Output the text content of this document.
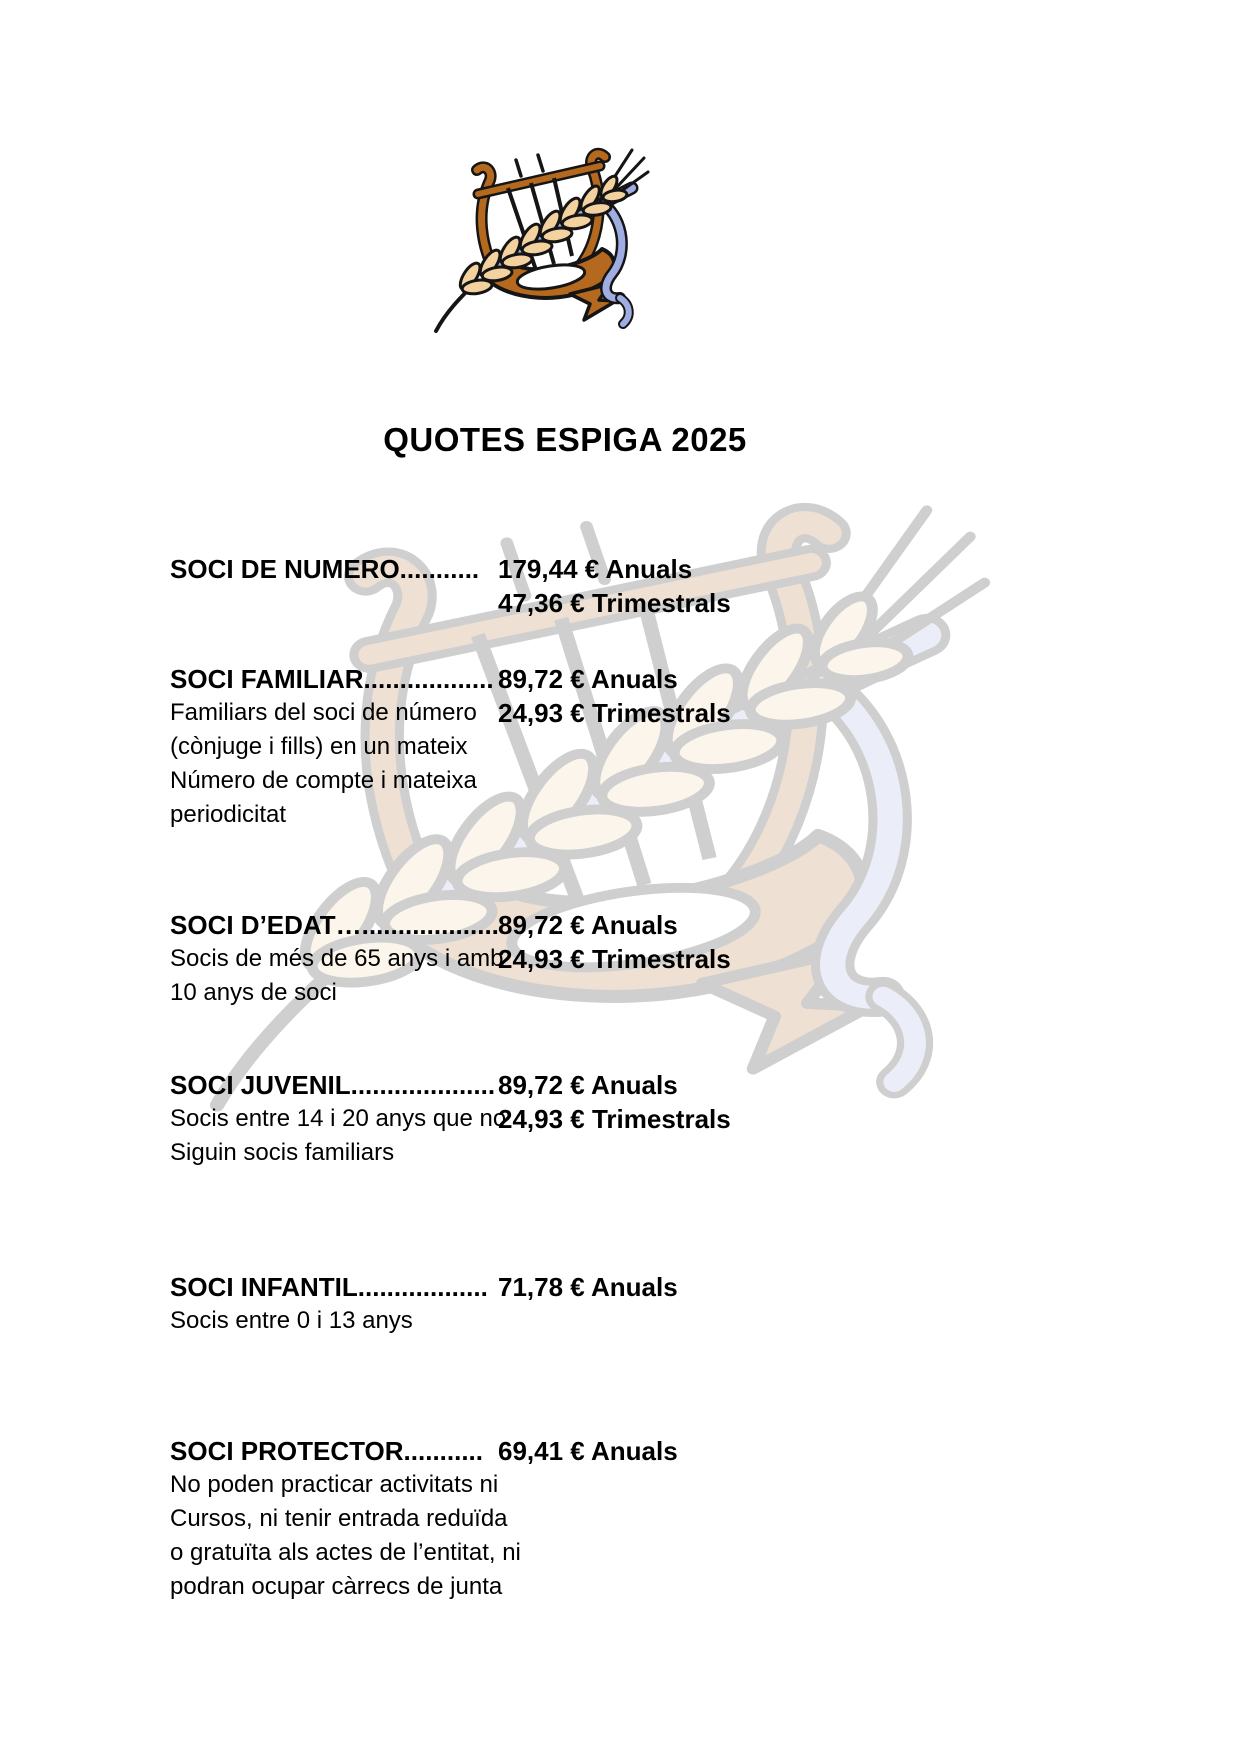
QUOTES ESPIGA 2025
SOCI DE NUMERO........... 179,44 € Anuals
47,36 € Trimestrals
SOCI FAMILIAR..................
Familiars del soci de número
(cònjuge i fills) en un mateix
Número de compte i mateixa
periodicitat
89,72 € Anuals
24,93 € Trimestrals
SOCI D’EDAT…...................
Socis de més de 65 anys i amb
10 anys de soci
89,72 € Anuals
24,93 € Trimestrals
SOCI JUVENIL....................
Socis entre 14 i 20 anys que no
Siguin socis familiars
89,72 € Anuals
24,93 € Trimestrals
SOCI INFANTIL..................
Socis entre 0 i 13 anys
71,78 € Anuals
SOCI PROTECTOR...........
No poden practicar activitats ni
Cursos, ni tenir entrada reduïda
o gratuïta als actes de l’entitat, ni
podran ocupar càrrecs de junta
69,41 € Anuals
